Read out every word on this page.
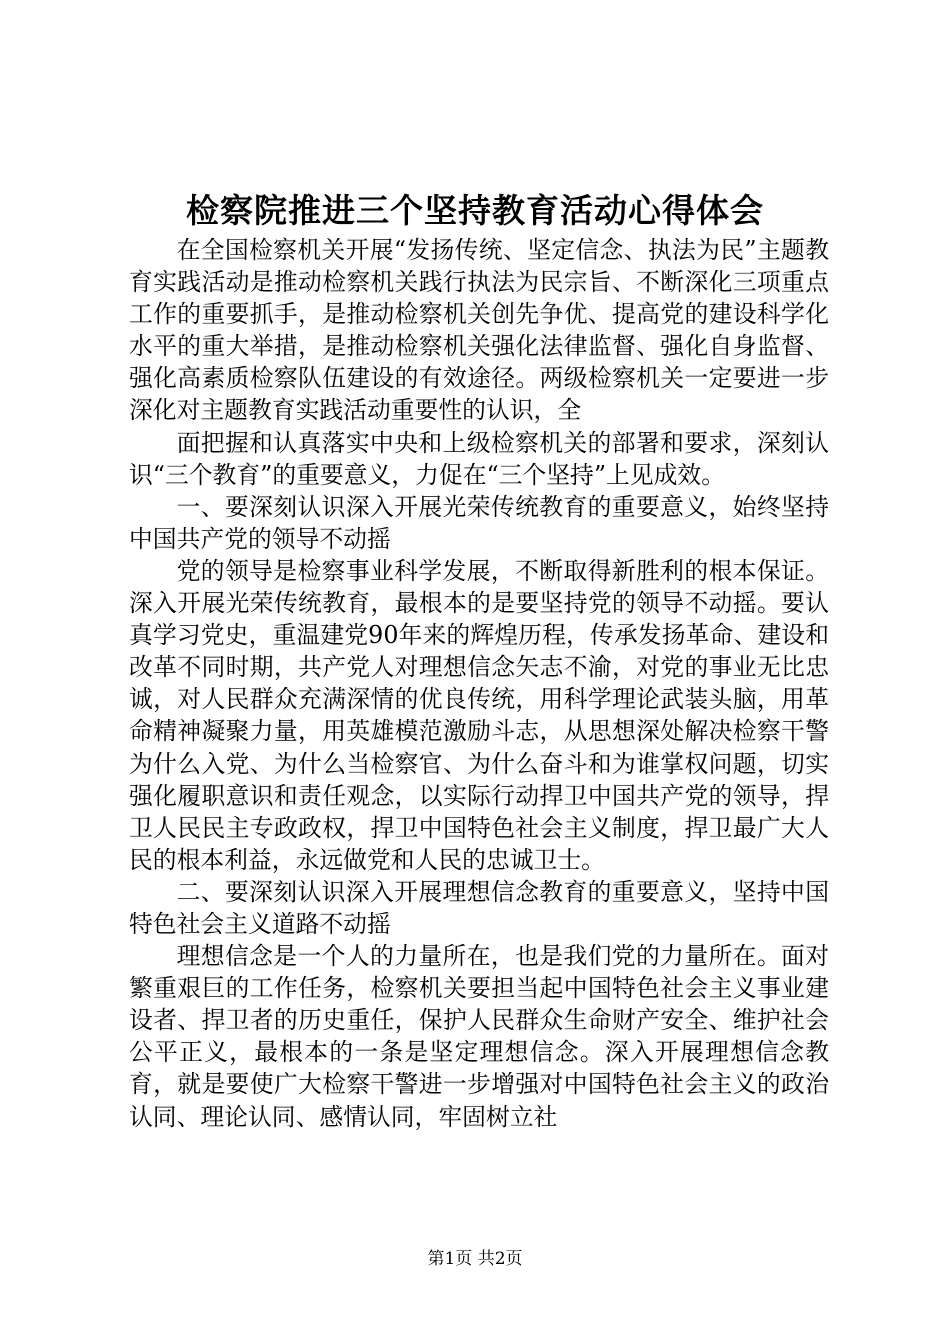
检察院推进三个坚持教育活动心得体会

在全国检察机关开展“发扬传统、坚定信念、执法为民”主题教育实践活动是推动检察机关践行执法为民宗旨、不断深化三项重点工作的重要抓手，是推动检察机关创先争优、提高党的建设科学化水平的重大举措，是推动检察机关强化法律监督、强化自身监督、强化高素质检察队伍建设的有效途径。两级检察机关一定要进一步深化对主题教育实践活动重要性的认识，全

面把握和认真落实中央和上级检察机关的部署和要求，深刻认识“三个教育”的重要意义，力促在“三个坚持”上见成效。

一、要深刻认识深入开展光荣传统教育的重要意义，始终坚持中国共产党的领导不动摇

党的领导是检察事业科学发展，不断取得新胜利的根本保证。深入开展光荣传统教育，最根本的是要坚持党的领导不动摇。要认真学习党史，重温建党90年来的辉煌历程，传承发扬革命、建设和改革不同时期，共产党人对理想信念矢志不渝，对党的事业无比忠诚，对人民群众充满深情的优良传统，用科学理论武装头脑，用革命精神凝聚力量，用英雄模范激励斗志，从思想深处解决检察干警为什么入党、为什么当检察官、为什么奋斗和为谁掌权问题，切实强化履职意识和责任观念，以实际行动捍卫中国共产党的领导，捍卫人民民主专政政权，捍卫中国特色社会主义制度，捍卫最广大人民的根本利益，永远做党和人民的忠诚卫士。

二、要深刻认识深入开展理想信念教育的重要意义，坚持中国特色社会主义道路不动摇

理想信念是一个人的力量所在，也是我们党的力量所在。面对繁重艰巨的工作任务，检察机关要担当起中国特色社会主义事业建设者、捍卫者的历史重任，保护人民群众生命财产安全、维护社会公平正义，最根本的一条是坚定理想信念。深入开展理想信念教育，就是要使广大检察干警进一步增强对中国特色社会主义的政治认同、理论认同、感情认同，牢固树立社

第1页 共2页
